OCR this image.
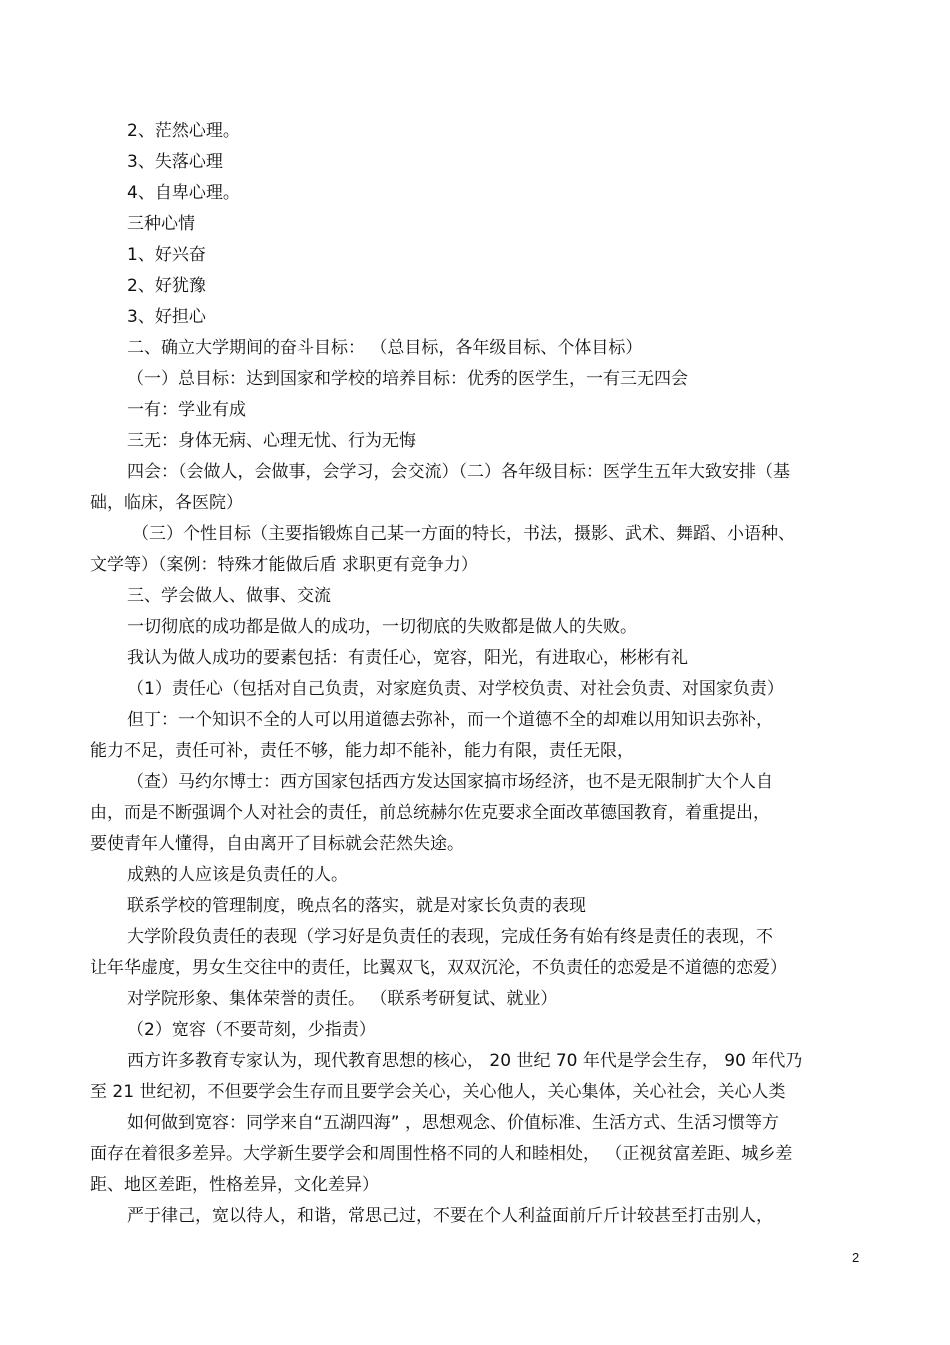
2、茫然心理。
3、失落心理
4、自卑心理。
三种心情
1、好兴奋
2、好犹豫
3、好担心
二、确立大学期间的奋斗目标： （总目标，各年级目标、个体目标）
（一）总目标：达到国家和学校的培养目标：优秀的医学生，一有三无四会
一有：学业有成
三无：身体无病、心理无忧、行为无悔
四会：（会做人，会做事，会学习，会交流）（二）各年级目标：医学生五年大致安排（基
础，临床，各医院）
（三）个性目标（主要指锻炼自己某一方面的特长，书法，摄影、武术、舞蹈、小语种、
文学等）（案例：特殊才能做后盾 求职更有竞争力）
三、学会做人、做事、交流
一切彻底的成功都是做人的成功，一切彻底的失败都是做人的失败。
我认为做人成功的要素包括：有责任心，宽容，阳光，有进取心，彬彬有礼
（1）责任心（包括对自己负责，对家庭负责、对学校负责、对社会负责、对国家负责）
但丁：一个知识不全的人可以用道德去弥补，而一个道德不全的却难以用知识去弥补，
能力不足，责任可补，责任不够，能力却不能补，能力有限，责任无限，
（查）马约尔博士：西方国家包括西方发达国家搞市场经济，也不是无限制扩大个人自
由，而是不断强调个人对社会的责任，前总统赫尔佐克要求全面改革德国教育，着重提出，
要使青年人懂得，自由离开了目标就会茫然失途。
成熟的人应该是负责任的人。
联系学校的管理制度，晚点名的落实，就是对家长负责的表现
大学阶段负责任的表现（学习好是负责任的表现，完成任务有始有终是责任的表现，不
让年华虚度，男女生交往中的责任，比翼双飞，双双沉沦，不负责任的恋爱是不道德的恋爱）
对学院形象、集体荣誉的责任。 （联系考研复试、就业）
（2）宽容（不要苛刻，少指责）
西方许多教育专家认为，现代教育思想的核心， 20 世纪 70 年代是学会生存， 90 年代乃
至 21 世纪初，不但要学会生存而且要学会关心，关心他人，关心集体，关心社会，关心人类
如何做到宽容：同学来自“五湖四海” ，思想观念、价值标准、生活方式、生活习惯等方
面存在着很多差异。大学新生要学会和周围性格不同的人和睦相处， （正视贫富差距、城乡差
距、地区差距，性格差异，文化差异）
严于律己，宽以待人，和谐，常思己过，不要在个人利益面前斤斤计较甚至打击别人，
2
